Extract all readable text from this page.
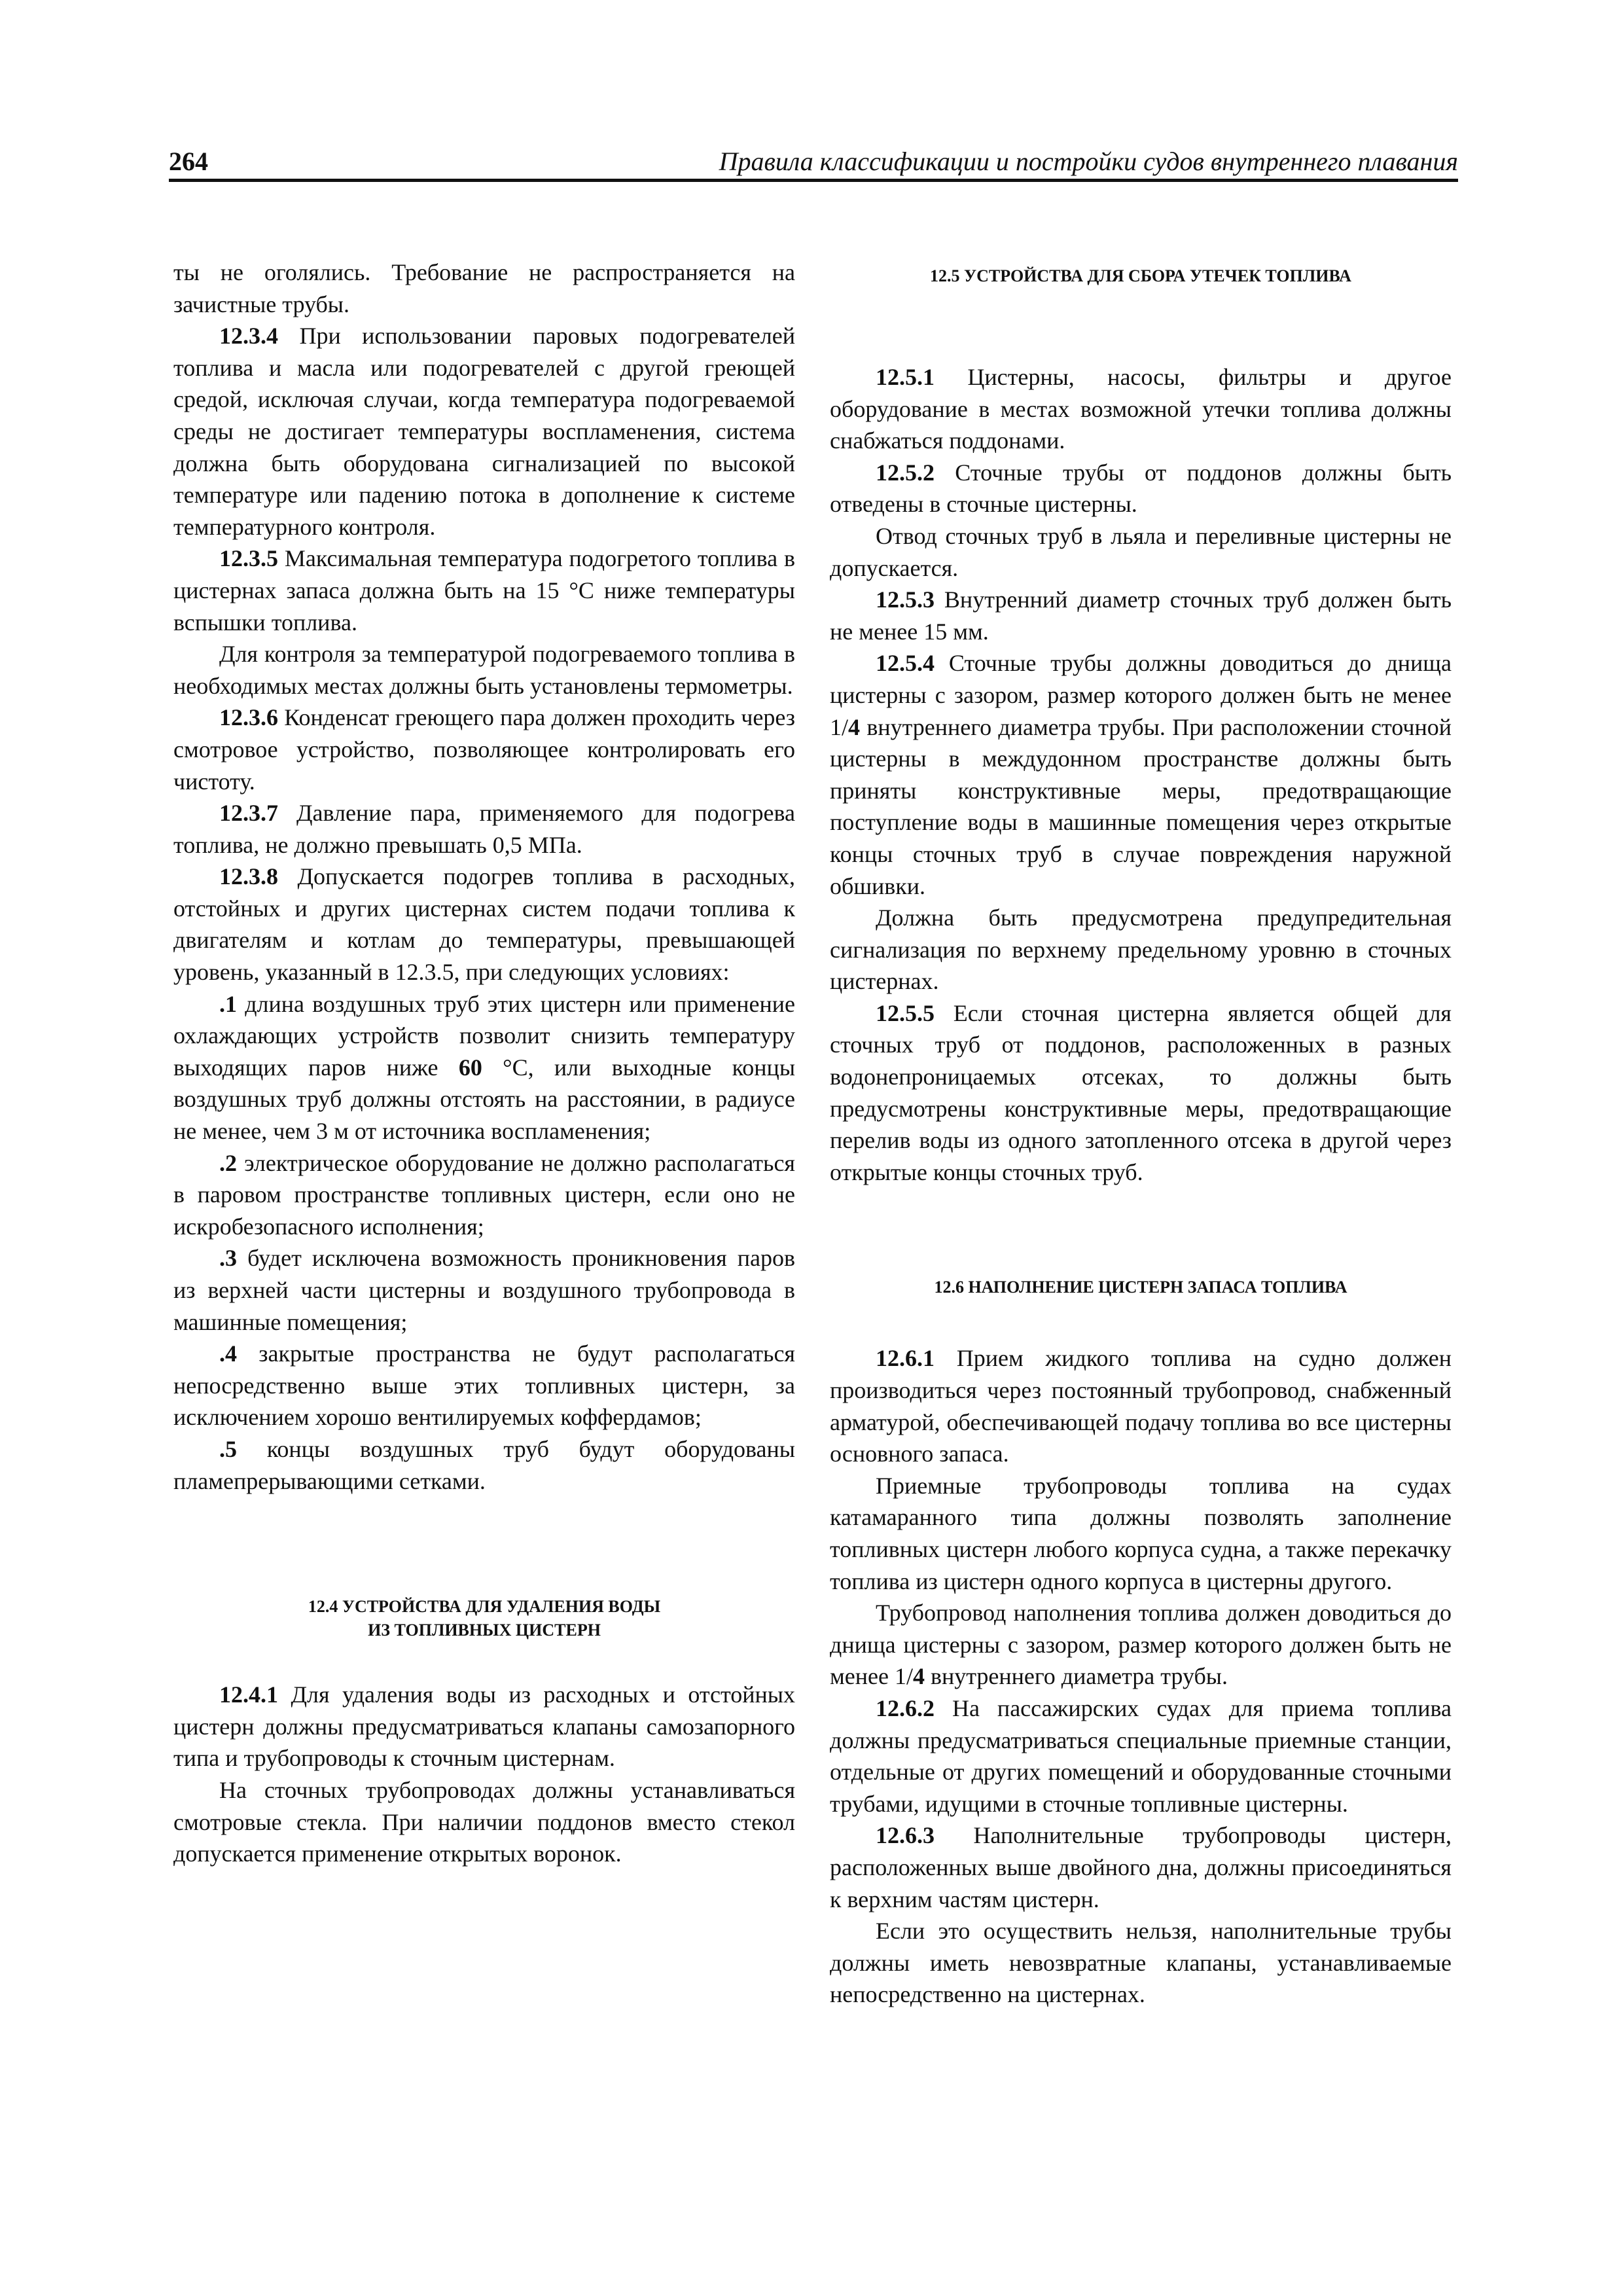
264	Правила классификации и постройки судов внутреннего плавания

ты не оголялись. Требование не распространяется на зачистные трубы.

12.3.4 При использовании паровых подогревателей топлива и масла или подогревателей с другой греющей средой, исключая случаи, когда температура подогреваемой среды не достигает температуры воспламенения, система должна быть оборудована сигнализацией по высокой температуре или падению потока в дополнение к системе температурного контроля.

12.3.5 Максимальная температура подогретого топлива в цистернах запаса должна быть на 15 °C ниже температуры вспышки топлива.

Для контроля за температурой подогреваемого топлива в необходимых местах должны быть установлены термометры.

12.3.6 Конденсат греющего пара должен проходить через смотровое устройство, позволяющее контролировать его чистоту.

12.3.7 Давление пара, применяемого для подогрева топлива, не должно превышать 0,5 МПа.

12.3.8 Допускается подогрев топлива в расходных, отстойных и других цистернах систем подачи топлива к двигателям и котлам до температуры, превышающей уровень, указанный в 12.3.5, при следующих условиях:

.1 длина воздушных труб этих цистерн или применение охлаждающих устройств позволит снизить температуру выходящих паров ниже 60 °C, или выходные концы воздушных труб должны отстоять на расстоянии, в радиусе не менее, чем 3 м от источника воспламенения;

.2 электрическое оборудование не должно располагаться в паровом пространстве топливных цистерн, если оно не искробезопасного исполнения;

.3 будет исключена возможность проникновения паров из верхней части цистерны и воздушного трубопровода в машинные помещения;

.4 закрытые пространства не будут располагаться непосредственно выше этих топливных цистерн, за исключением хорошо вентилируемых коффердамов;

.5 концы воздушных труб будут оборудованы пламепрерывающими сетками.

12.4 УСТРОЙСТВА ДЛЯ УДАЛЕНИЯ ВОДЫ
ИЗ ТОПЛИВНЫХ ЦИСТЕРН

12.4.1 Для удаления воды из расходных и отстойных цистерн должны предусматриваться клапаны самозапорного типа и трубопроводы к сточным цистернам.

На сточных трубопроводах должны устанавливаться смотровые стекла. При наличии поддонов вместо стекол допускается применение открытых воронок.

12.5 УСТРОЙСТВА ДЛЯ СБОРА УТЕЧЕК ТОПЛИВА

12.5.1 Цистерны, насосы, фильтры и другое оборудование в местах возможной утечки топлива должны снабжаться поддонами.

12.5.2 Сточные трубы от поддонов должны быть отведены в сточные цистерны.

Отвод сточных труб в льяла и переливные цистерны не допускается.

12.5.3 Внутренний диаметр сточных труб должен быть не менее 15 мм.

12.5.4 Сточные трубы должны доводиться до днища цистерны с зазором, размер которого должен быть не менее 1/4 внутреннего диаметра трубы. При расположении сточной цистерны в междудонном пространстве должны быть приняты конструктивные меры, предотвращающие поступление воды в машинные помещения через открытые концы сточных труб в случае повреждения наружной обшивки.

Должна быть предусмотрена предупредительная сигнализация по верхнему предельному уровню в сточных цистернах.

12.5.5 Если сточная цистерна является общей для сточных труб от поддонов, расположенных в разных водонепроницаемых отсеках, то должны быть предусмотрены конструктивные меры, предотвращающие перелив воды из одного затопленного отсека в другой через открытые концы сточных труб.

12.6 НАПОЛНЕНИЕ ЦИСТЕРН ЗАПАСА ТОПЛИВА

12.6.1 Прием жидкого топлива на судно должен производиться через постоянный трубопровод, снабженный арматурой, обеспечивающей подачу топлива во все цистерны основного запаса.

Приемные трубопроводы топлива на судах катамаранного типа должны позволять заполнение топливных цистерн любого корпуса судна, а также перекачку топлива из цистерн одного корпуса в цистерны другого.

Трубопровод наполнения топлива должен доводиться до днища цистерны с зазором, размер которого должен быть не менее 1/4 внутреннего диаметра трубы.

12.6.2 На пассажирских судах для приема топлива должны предусматриваться специальные приемные станции, отдельные от других помещений и оборудованные сточными трубами, идущими в сточные топливные цистерны.

12.6.3 Наполнительные трубопроводы цистерн, расположенных выше двойного дна, должны присоединяться к верхним частям цистерн.

Если это осуществить нельзя, наполнительные трубы должны иметь невозвратные клапаны, устанавливаемые непосредственно на цистернах.
